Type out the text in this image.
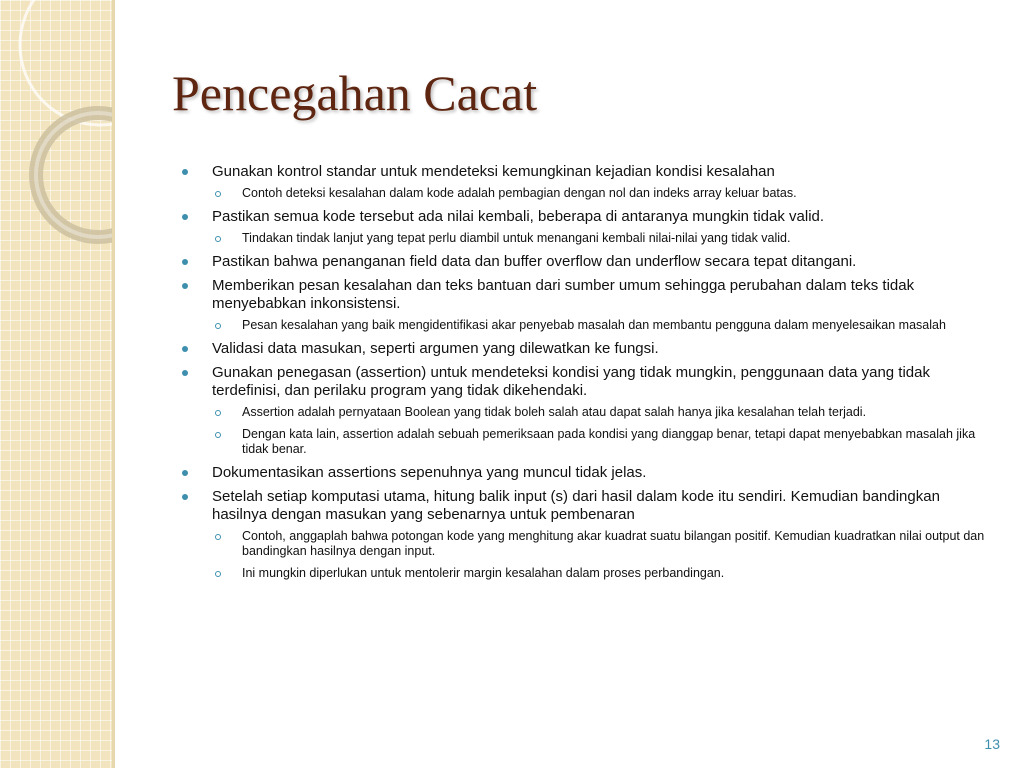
Pencegahan Cacat
Gunakan kontrol standar untuk mendeteksi kemungkinan kejadian kondisi kesalahan
Contoh deteksi kesalahan dalam kode adalah pembagian dengan nol dan indeks array keluar batas.
Pastikan semua kode tersebut ada nilai kembali, beberapa di antaranya mungkin tidak valid.
Tindakan tindak lanjut yang tepat perlu diambil untuk menangani kembali nilai-nilai yang tidak valid.
Pastikan bahwa penanganan field data dan buffer overflow dan underflow secara tepat ditangani.
Memberikan pesan kesalahan dan teks bantuan dari sumber umum sehingga perubahan dalam teks tidak menyebabkan inkonsistensi.
Pesan kesalahan yang baik mengidentifikasi akar penyebab masalah dan membantu pengguna dalam menyelesaikan masalah
Validasi data masukan, seperti argumen yang dilewatkan ke fungsi.
Gunakan penegasan (assertion) untuk mendeteksi kondisi yang tidak mungkin, penggunaan data yang tidak terdefinisi, dan perilaku program yang tidak dikehendaki.
Assertion adalah pernyataan Boolean yang tidak boleh salah atau dapat salah hanya jika kesalahan telah terjadi.
Dengan kata lain, assertion adalah sebuah pemeriksaan pada kondisi yang dianggap benar, tetapi dapat menyebabkan masalah jika tidak benar.
Dokumentasikan assertions sepenuhnya yang muncul tidak jelas.
Setelah setiap komputasi utama, hitung balik input (s) dari hasil dalam kode itu sendiri. Kemudian bandingkan hasilnya dengan masukan yang sebenarnya untuk pembenaran
Contoh, anggaplah bahwa potongan kode yang menghitung akar kuadrat suatu bilangan positif. Kemudian kuadratkan nilai output dan bandingkan hasilnya dengan input.
Ini mungkin diperlukan untuk mentolerir margin kesalahan dalam proses perbandingan.
13
